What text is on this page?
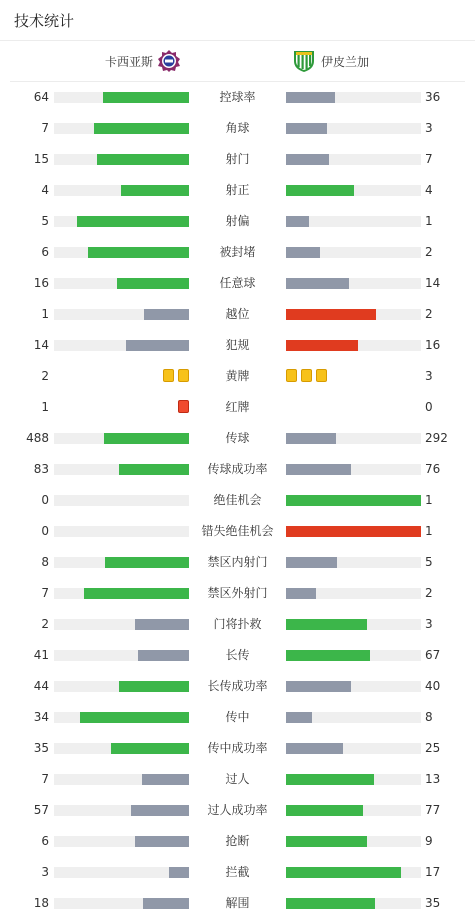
技术统计
卡西亚斯	伊皮兰加
64	控球率	36
7	角球	3
15	射门	7
4	射正	4
5	射偏	1
6	被封堵	2
16	任意球	14
1	越位	2
14	犯规	16
2	黄牌	3
1	红牌	0
488	传球	292
83	传球成功率	76
0	绝佳机会	1
0	错失绝佳机会	1
8	禁区内射门	5
7	禁区外射门	2
2	门将扑救	3
41	长传	67
44	长传成功率	40
34	传中	8
35	传中成功率	25
7	过人	13
57	过人成功率	77
6	抢断	9
3	拦截	17
18	解围	35
